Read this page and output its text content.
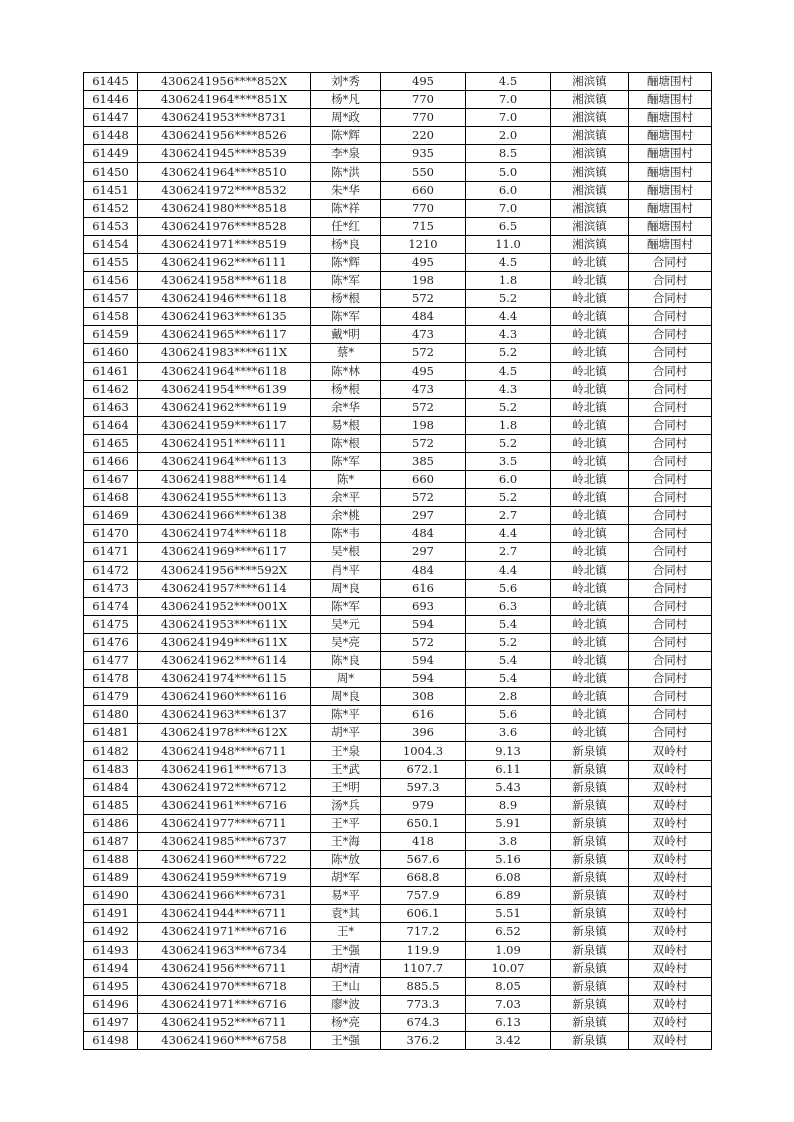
61445	4306241956****852X	刘*秀	495	4.5	湘滨镇	酾塘围村
61446	4306241964****851X	杨*凡	770	7.0	湘滨镇	酾塘围村
61447	4306241953****8731	周*政	770	7.0	湘滨镇	酾塘围村
61448	4306241956****8526	陈*辉	220	2.0	湘滨镇	酾塘围村
61449	4306241945****8539	李*泉	935	8.5	湘滨镇	酾塘围村
61450	4306241964****8510	陈*洪	550	5.0	湘滨镇	酾塘围村
61451	4306241972****8532	朱*华	660	6.0	湘滨镇	酾塘围村
61452	4306241980****8518	陈*祥	770	7.0	湘滨镇	酾塘围村
61453	4306241976****8528	任*红	715	6.5	湘滨镇	酾塘围村
61454	4306241971****8519	杨*良	1210	11.0	湘滨镇	酾塘围村
61455	4306241962****6111	陈*辉	495	4.5	岭北镇	合同村
61456	4306241958****6118	陈*军	198	1.8	岭北镇	合同村
61457	4306241946****6118	杨*根	572	5.2	岭北镇	合同村
61458	4306241963****6135	陈*军	484	4.4	岭北镇	合同村
61459	4306241965****6117	戴*明	473	4.3	岭北镇	合同村
61460	4306241983****611X	蔡*	572	5.2	岭北镇	合同村
61461	4306241964****6118	陈*林	495	4.5	岭北镇	合同村
61462	4306241954****6139	杨*根	473	4.3	岭北镇	合同村
61463	4306241962****6119	余*华	572	5.2	岭北镇	合同村
61464	4306241959****6117	易*根	198	1.8	岭北镇	合同村
61465	4306241951****6111	陈*根	572	5.2	岭北镇	合同村
61466	4306241964****6113	陈*军	385	3.5	岭北镇	合同村
61467	4306241988****6114	陈*	660	6.0	岭北镇	合同村
61468	4306241955****6113	余*平	572	5.2	岭北镇	合同村
61469	4306241966****6138	余*桃	297	2.7	岭北镇	合同村
61470	4306241974****6118	陈*韦	484	4.4	岭北镇	合同村
61471	4306241969****6117	吴*根	297	2.7	岭北镇	合同村
61472	4306241956****592X	肖*平	484	4.4	岭北镇	合同村
61473	4306241957****6114	周*良	616	5.6	岭北镇	合同村
61474	4306241952****001X	陈*军	693	6.3	岭北镇	合同村
61475	4306241953****611X	吴*元	594	5.4	岭北镇	合同村
61476	4306241949****611X	吴*亮	572	5.2	岭北镇	合同村
61477	4306241962****6114	陈*良	594	5.4	岭北镇	合同村
61478	4306241974****6115	周*	594	5.4	岭北镇	合同村
61479	4306241960****6116	周*良	308	2.8	岭北镇	合同村
61480	4306241963****6137	陈*平	616	5.6	岭北镇	合同村
61481	4306241978****612X	胡*平	396	3.6	岭北镇	合同村
61482	4306241948****6711	王*泉	1004.3	9.13	新泉镇	双岭村
61483	4306241961****6713	王*武	672.1	6.11	新泉镇	双岭村
61484	4306241972****6712	王*明	597.3	5.43	新泉镇	双岭村
61485	4306241961****6716	汤*兵	979	8.9	新泉镇	双岭村
61486	4306241977****6711	王*平	650.1	5.91	新泉镇	双岭村
61487	4306241985****6737	王*海	418	3.8	新泉镇	双岭村
61488	4306241960****6722	陈*放	567.6	5.16	新泉镇	双岭村
61489	4306241959****6719	胡*军	668.8	6.08	新泉镇	双岭村
61490	4306241966****6731	易*平	757.9	6.89	新泉镇	双岭村
61491	4306241944****6711	袁*其	606.1	5.51	新泉镇	双岭村
61492	4306241971****6716	王*	717.2	6.52	新泉镇	双岭村
61493	4306241963****6734	王*强	119.9	1.09	新泉镇	双岭村
61494	4306241956****6711	胡*清	1107.7	10.07	新泉镇	双岭村
61495	4306241970****6718	王*山	885.5	8.05	新泉镇	双岭村
61496	4306241971****6716	廖*波	773.3	7.03	新泉镇	双岭村
61497	4306241952****6711	杨*亮	674.3	6.13	新泉镇	双岭村
61498	4306241960****6758	王*强	376.2	3.42	新泉镇	双岭村
